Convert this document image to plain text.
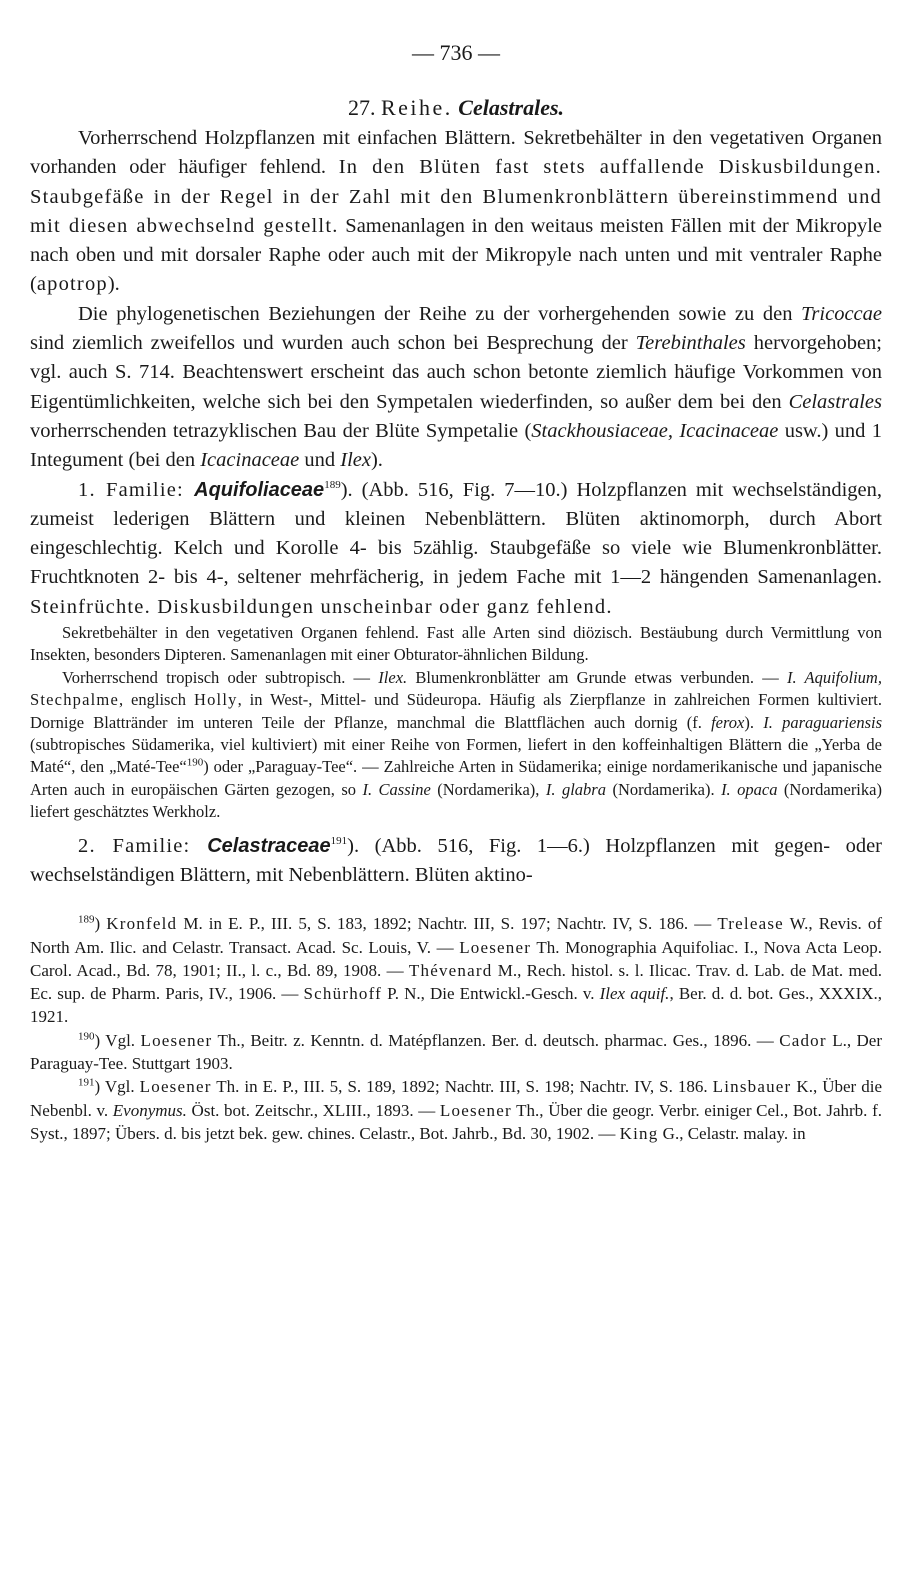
— 736 —
27. Reihe. Celastrales.

Vorherrschend Holzpflanzen mit einfachen Blättern. Sekretbehälter in den vegetativen Organen vorhanden oder häufiger fehlend. In den Blüten fast stets auffallende Diskusbildungen. Staubgefäße in der Regel in der Zahl mit den Blumenkronblättern übereinstimmend und mit diesen abwechselnd gestellt. Samenanlagen in den weitaus meisten Fällen mit der Mikropyle nach oben und mit dorsaler Raphe oder auch mit der Mikropyle nach unten und mit ventraler Raphe (apotrop).

Die phylogenetischen Beziehungen der Reihe zu der vorhergehenden sowie zu den Tricoccae sind ziemlich zweifellos und wurden auch schon bei Besprechung der Terebinthales hervorgehoben; vgl. auch S. 714. Beachtenswert erscheint das auch schon betonte ziemlich häufige Vorkommen von Eigentümlichkeiten, welche sich bei den Sympetalen wiederfinden, so außer dem bei den Celastrales vorherrschenden tetrazyklischen Bau der Blüte Sympetalie (Stackhousiaceae, Icacinaceae usw.) und 1 Integument (bei den Icacinaceae und Ilex).

1. Familie: Aquifoliaceae$^{189}$). (Abb. 516, Fig. 7—10.) Holzpflanzen mit wechselständigen, zumeist lederigen Blättern und kleinen Nebenblättern. Blüten aktinomorph, durch Abort eingeschlechtig. Kelch und Korolle 4- bis 5zählig. Staubgefäße so viele wie Blumenkronblätter. Fruchtknoten 2- bis 4-, seltener mehrfächerig, in jedem Fache mit 1—2 hängenden Samenanlagen. Steinfrüchte. Diskusbildungen unscheinbar oder ganz fehlend.

Sekretbehälter in den vegetativen Organen fehlend. Fast alle Arten sind diözisch. Bestäubung durch Vermittlung von Insekten, besonders Dipteren. Samenanlagen mit einer Obturator-ähnlichen Bildung.

Vorherrschend tropisch oder subtropisch. — Ilex. Blumenkronblätter am Grunde etwas verbunden. — I. Aquifolium, Stechpalme, englisch Holly, in West-, Mittel- und Südeuropa. Häufig als Zierpflanze in zahlreichen Formen kultiviert. Dornige Blattränder im unteren Teile der Pflanze, manchmal die Blattflächen auch dornig (f. ferox). I. paraguariensis (subtropisches Südamerika, viel kultiviert) mit einer Reihe von Formen, liefert in den koffeinhaltigen Blättern die „Yerba de Maté“, den „Maté-Tee“$^{190}$) oder „Paraguay-Tee“. — Zahlreiche Arten in Südamerika; einige nordamerikanische und japanische Arten auch in europäischen Gärten gezogen, so I. Cassine (Nordamerika), I. glabra (Nordamerika). I. opaca (Nordamerika) liefert geschätztes Werkholz.

2. Familie: Celastraceae$^{191}$). (Abb. 516, Fig. 1—6.) Holzpflanzen mit gegen- oder wechselständigen Blättern, mit Nebenblättern. Blüten aktino-

$^{189}$) Kronfeld M. in E. P., III. 5, S. 183, 1892; Nachtr. III, S. 197; Nachtr. IV, S. 186. — Trelease W., Revis. of North Am. Ilic. and Celastr. Transact. Acad. Sc. Louis, V. — Loesener Th. Monographia Aquifoliac. I., Nova Acta Leop. Carol. Acad., Bd. 78, 1901; II., l. c., Bd. 89, 1908. — Thévenard M., Rech. histol. s. l. Ilicac. Trav. d. Lab. de Mat. med. Ec. sup. de Pharm. Paris, IV., 1906. — Schürhoff P. N., Die Entwickl.-Gesch. v. Ilex aquif., Ber. d. d. bot. Ges., XXXIX., 1921.

$^{190}$) Vgl. Loesener Th., Beitr. z. Kenntn. d. Matépflanzen. Ber. d. deutsch. pharmac. Ges., 1896. — Cador L., Der Paraguay-Tee. Stuttgart 1903.

$^{191}$) Vgl. Loesener Th. in E. P., III. 5, S. 189, 1892; Nachtr. III, S. 198; Nachtr. IV, S. 186. Linsbauer K., Über die Nebenbl. v. Evonymus. Öst. bot. Zeitschr., XLIII., 1893. — Loesener Th., Über die geogr. Verbr. einiger Cel., Bot. Jahrb. f. Syst., 1897; Übers. d. bis jetzt bek. gew. chines. Celastr., Bot. Jahrb., Bd. 30, 1902. — King G., Celastr. malay. in
